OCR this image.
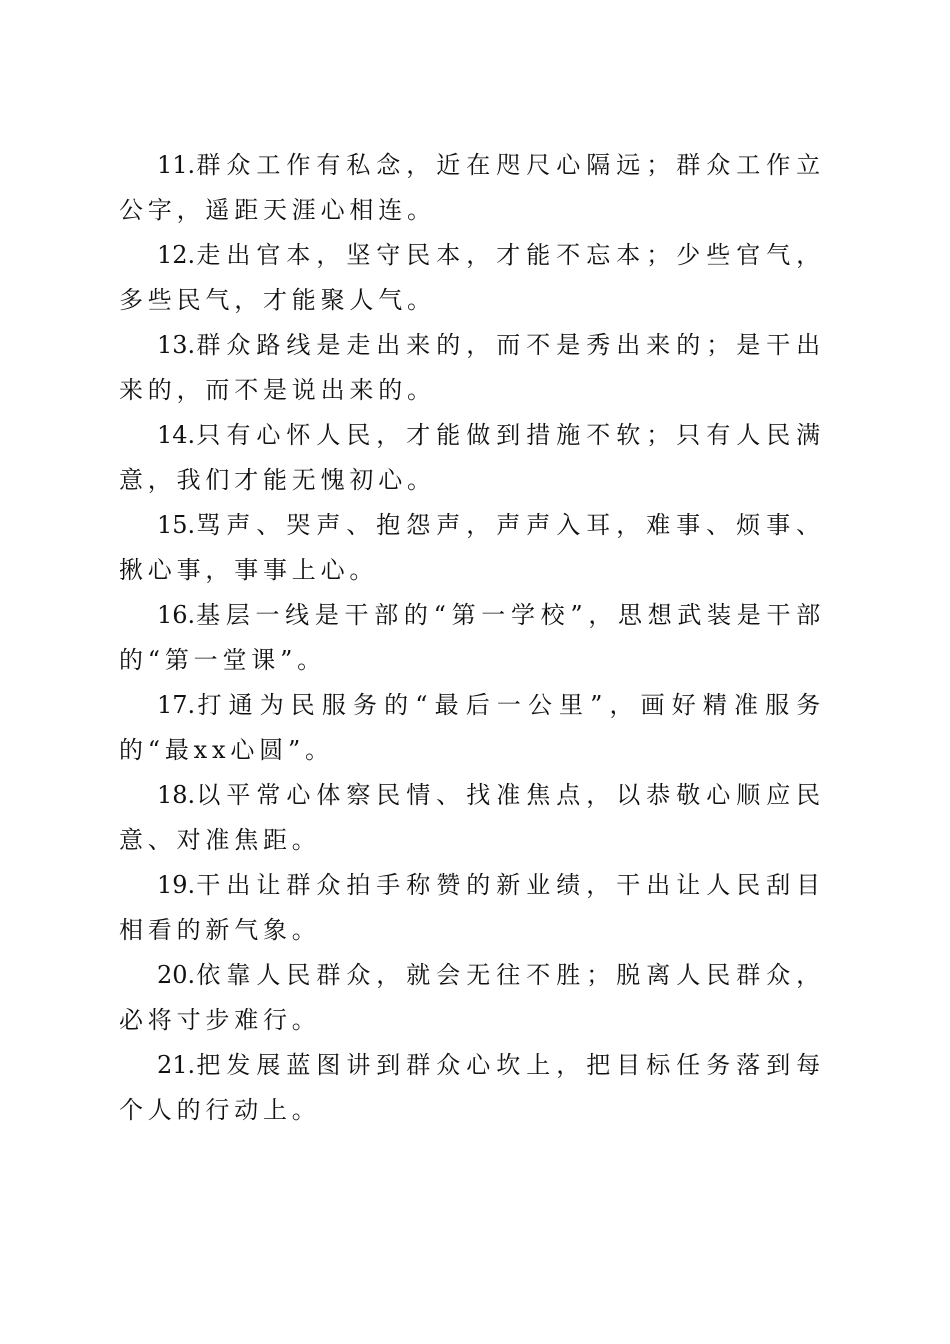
11.群众工作有私念，近在咫尺心隔远；群众工作立公字，遥距天涯心相连。

12.走出官本，坚守民本，才能不忘本；少些官气，多些民气，才能聚人气。

13.群众路线是走出来的，而不是秀出来的；是干出来的，而不是说出来的。

14.只有心怀人民，才能做到措施不软；只有人民满意，我们才能无愧初心。

15.骂声、哭声、抱怨声，声声入耳，难事、烦事、揪心事，事事上心。

16.基层一线是干部的“第一学校”，思想武装是干部的“第一堂课”。

17.打通为民服务的“最后一公里”，画好精准服务的“最xx心圆”。

18.以平常心体察民情、找准焦点，以恭敬心顺应民意、对准焦距。

19.干出让群众拍手称赞的新业绩，干出让人民刮目相看的新气象。

20.依靠人民群众，就会无往不胜；脱离人民群众，必将寸步难行。

21.把发展蓝图讲到群众心坎上，把目标任务落到每个人的行动上。
